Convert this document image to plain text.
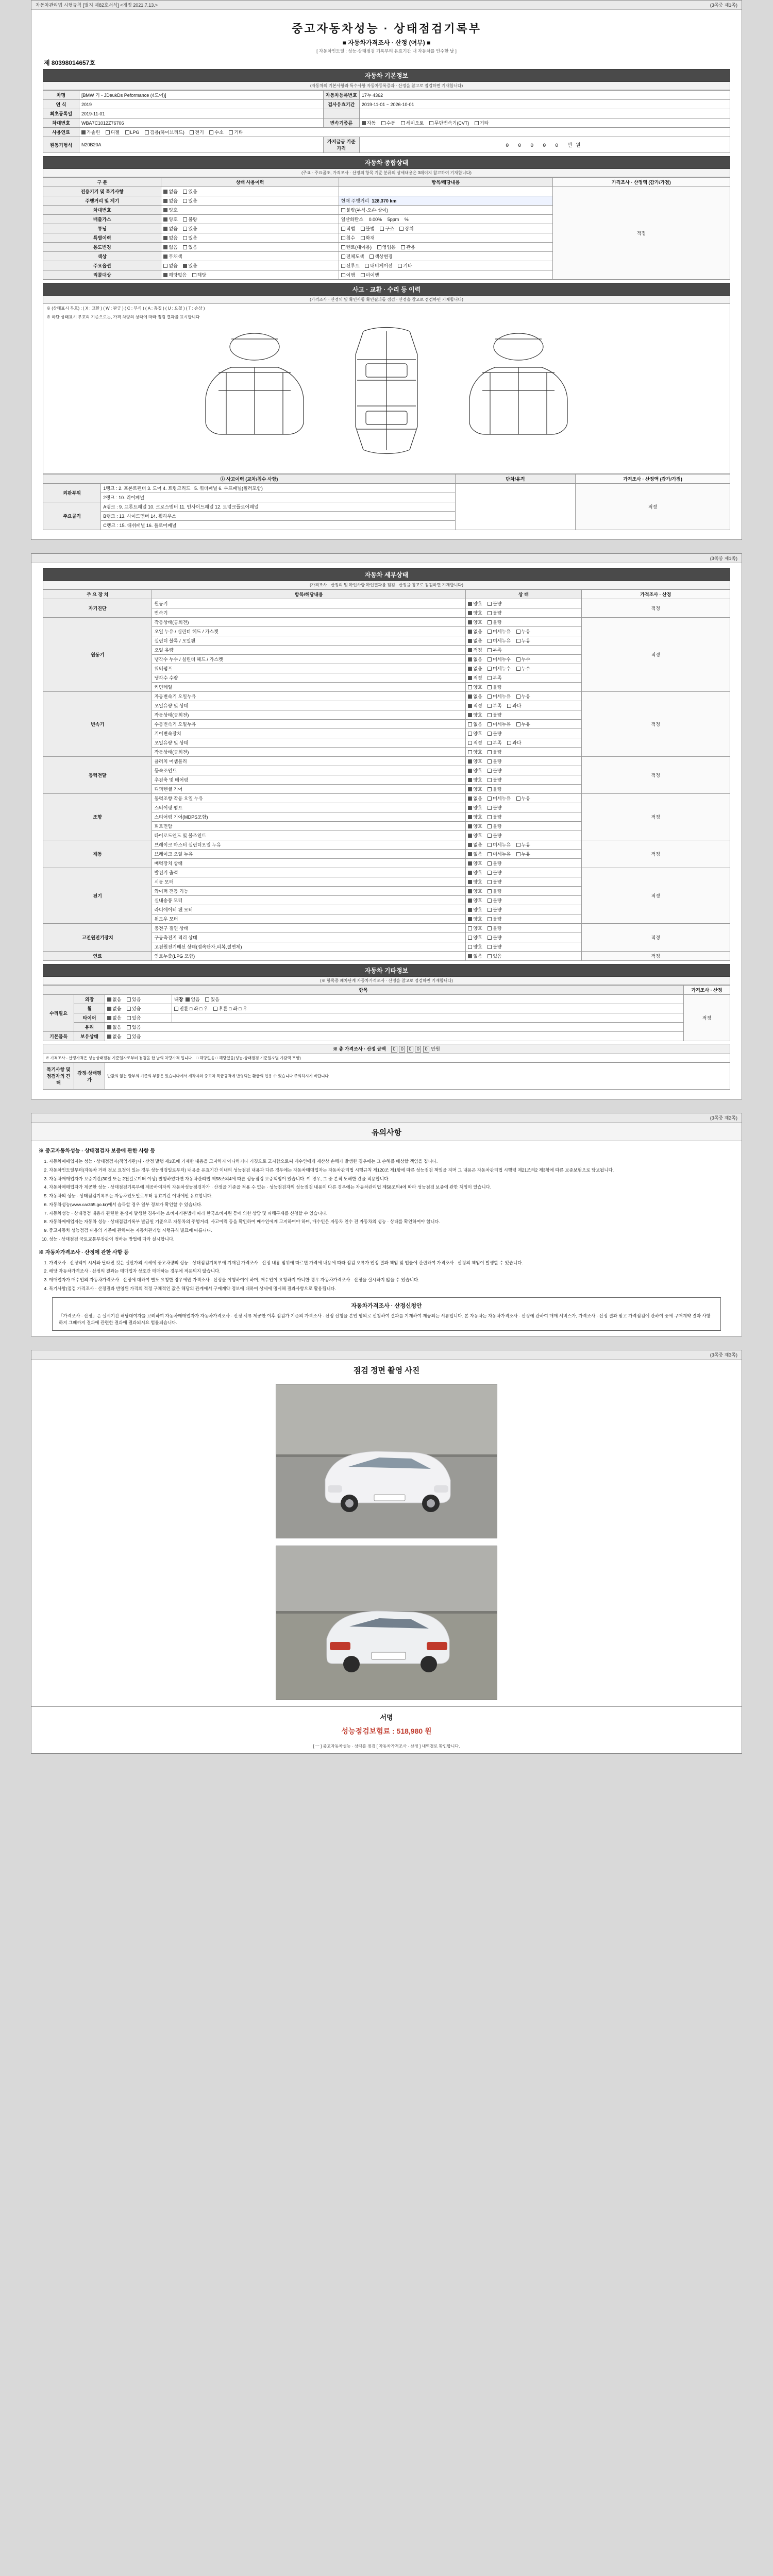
자동차관리법 시행규칙 [별지 제82호서식] <개정 2021.7.13.>	(3쪽중 제1쪽)
중고자동차성능 · 상태점검기록부
■ 자동차가격조사 · 산정 (여부) ■
[ 자동차인도일 : 성능·상태점검 기록부의 유효기간 내 자동차를 인수한 날 ]
제 80398014657호
자동차 기본정보
(자동차의 기본사항과 특수사항 자동차등록증과 · 산정을 참고로 점검하면 기재합니다)
차명	[BMW 기 - JDeukDs Peformance (4도어)]	자동차등록번호	17누 4362
연 식	2019	검사유효기간	2019-11-01 ~ 2026-10-01
최초등록일	2019-11-01		
차대번호	WBA7C1012Z76706	변속기종류	자동 수동 세미오토 무단변속기(CVT) 기타
사용연료	가솔린 디젤 LPG 겸용(하이브리드) 전기 수소 기타		
원동기형식	N20B20A	가지급금 기준가격	0 0 0 0 0 만원
자동차 종합상태
(주요 · 주요골조, 가격조사 · 산정의 항목 기준 분류의 상세내용은 3페이지 참고하여 기재합니다)
구 분	상태 사용이력	항목/해당내용	가격조사 · 산정액 (감가/가점)
전용기기 및 특기사항	없음 있음		적정
주행거리 및 계기	없음 있음	현재 주행거리 128,370 km	
차대번호	양호	불량(부식·오손·상이)	
배출가스	양호 불량	일산화탄소 0.00% 5ppm %	
튜닝	없음 있음	적법 불법 구조 장치	
특별이력	없음 있음	침수 화재	
용도변경	없음 있음	렌트(대여용) 영업용 관용	
색상	무채색	전체도색 색상변경	
주요옵션	없음 있음	선루프 내비게이션 기타	
리콜대상	해당없음 해당	이행 미이행	
사고 · 교환 · 수리 등 이력
(가격조사 · 산정의 및 확인사항 확인결과를 점검 · 산정을 참고로 점검하면 기재합니다)
※ (상태표시 부호) : ( X : 교환 ) ( W : 판금 ) ( C : 부식 ) ( A : 흠집 ) ( U : 요철 ) ( T : 손상 )
※ 하단 상태표시 부호의 기준으로는, 가격 차량의 상태에 따라 점검 결과를 표시합니다
① 사고이력 (교차/침수 사항)		단차/유격	가격조사 · 산정액 (감가/가점)
외판부위	1랭크 : 2. 프론트펜더 3. 도어 4. 트렁크리드 5. 쿼더패널 6. 루프패널(필러포함)		적정
	2랭크 : 10. 리어패널		
주요골격	A랭크 : 9. 프론트패널 10. 크로스멤버 11. 인사이드패널 12. 트렁크플로어패널		
	B랭크 : 13. 사이드멤버 14. 휠하우스		
	C랭크 : 15. 대쉬패널 16. 플로어패널		
(3쪽중 제1쪽)
자동차 세부상태
(가격조사 · 산정의 및 확인사항 확인결과를 점검 · 산정을 참고로 점검하면 기재합니다)
주 요 장 치	항목/해당내용	상 태	가격조사 · 산정
자기진단	원동기	양호 불량	적정
	변속기	양호 불량	
원동기	작동상태(공회전)	양호 불량	적정
	오일 누유 / 실린더 헤드 / 가스켓	없음 미세누유 누유	
	실린더 블록 / 오일팬	없음 미세누유 누유	
	오일 유량	적정 부족	
	냉각수 누수 / 실린더 헤드 / 가스켓	없음 미세누수 누수	
	워터펌프	없음 미세누수 누수	
	냉각수 수량	적정 부족	
	커먼레일	양호 불량	
변속기	자동변속기 오일누유	없음 미세누유 누유	적정
	오일유량 및 상태	적정 부족 과다	
	작동상태(공회전)	양호 불량	
	수동변속기 오일누유	없음 미세누유 누유	
	기어변속장치	양호 불량	
	오일유량 및 상태	적정 부족 과다	
	작동상태(공회전)	양호 불량	
동력전달	클러치 어셈블리	양호 불량	적정
	등속조인트	양호 불량	
	추진축 및 베어링	양호 불량	
	디퍼렌셜 기어	양호 불량	
조향	동력조향 작동 오일 누유	없음 미세누유 누유	적정
	스티어링 펌프	양호 불량	
	스티어링 기어(MDPS포함)	양호 불량	
	피트먼암	양호 불량	
	타이로드엔드 및 볼조인트	양호 불량	
제동	브레이크 마스터 실린더오일 누유	없음 미세누유 누유	적정
	브레이크 오일 누유	없음 미세누유 누유	
	배력장치 상태	양호 불량	
전기	발전기 출력	양호 불량	적정
	시동 모터	양호 불량	
	와이퍼 전동 기능	양호 불량	
	실내송풍 모터	양호 불량	
	라디에이터 팬 모터	양호 불량	
	윈도우 모터	양호 불량	
고전원전기장치	충전구 절연 상태	양호 불량	적정
	구동축전지 격리 상태	양호 불량	
	고전원전기배선 상태(접속단자,피복,절연체)	양호 불량	
연료	연료누출(LPG 포함)	없음 있음	적정
자동차 기타정보
(※ 항목중 폐차단계 자동차가격조사 · 산정을 참고로 점검하면 기재합니다)
항목				가격조사 · 산정
수리필요	외장	없음 있음	내장 없음 있음	적정
	휠	없음 있음	전륜 □ 좌 □ 우 후륜 □ 좌 □ 우	
	타이어	없음 있음		
	유리	없음 있음		
기본품목	보유상태	없음 있음		
※ 총 가격조사 · 산정 금액 0 0 0 0 0 만원
※ 가격조사 · 산정가격은 성능상태점검 기준일자로부터 점검을 한 날의 차량가격 입니다. □ 해당없음 □ 해당있음(성능·상태점검 기준일자별 가감액 포함)
특기사항 및 점검자의 견해	감정·상태평가	반값의 없는 할부의 기준의 부품은 있습니다에서 제작자와 중고차 특급규격에 반영되는 환급의 인용 수 있습니다 주의하시기 바랍니다.
(3쪽중 제2쪽)
유의사항
※ 중고자동차성능 · 상태점검자 보증에 관한 사항 등
1. 자동차매매업자는 성능 · 상태점검자(책임기관)나 · 산정 발행 제3조에 기재한 내용을 고지하지 아니하거나 거짓으로 고지함으로써 매수인에게 재산상 손해가 발생한 경우에는 그 손해를 배상할 책임을 집니다.
2. 자동차인도일부터(자동차 거래 정보 요청이 있는 경우 성능점검일로부터) 내용을 유효기간 이내의 성능점검 내용과 다른 경우에는 자동차매매업자는 자동차관리법 시행규칙 제120조 제1항에 따른 성능점검 책임을 지며 그 내용은 자동차관리법 시행령 제21조의2 제3항에 따른 보증보험으로 담보됩니다.
3. 자동차매매업자가 보증기간(30일 또는 2천킬로미터 이상) 발행하였다면 자동차관리법 제58조의4에 따른 성능점검 보증책임이 있습니다. 이 경우, 그 중 본적 도해한 간을 적용합니다.
4. 자동차매매업자가 제공한 성능 · 상태점검기록부에 제공하여자의 자동차성능점검자가 · 산정을 기준을 적용 수 없는 · 성능점검자의 성능점검 내용이 다른 경우에는 자동차관리법 제58조의4에 따라 성능점검 보증에 관한 책임이 있습니다.
5. 자동차의 성능 · 상태점검기록부는 자동차인도일로부터 유효기간 이내에만 유효합니다.
6. 자동차성능(www.car365.go.kr)에서 습득할 경우 일부 정보가 확인할 수 있습니다.
7. 자동차성능 · 상태점검 내용과 관련한 분쟁이 발생한 경우에는 소비자기본법에 따라 한국소비자원 등에 의한 상담 및 피해구제를 신청할 수 있습니다.
8. 자동차매매업자는 자동차 성능 · 상태점검기록부 발급일 기준으로 자동차의 주행거리, 사고이력 등을 확인하여 매수인에게 고지하여야 하며, 매수인은 자동차 인수 전 자동차의 성능 · 상태를 확인하여야 합니다.
9. 중고자동차 성능점검 내용의 기준에 관하여는 자동차관리법 시행규칙 별표에 따릅니다.
10. 성능 · 상태점검 국토교통부장관이 정하는 방법에 따라 실시합니다.
※ 자동차가격조사 · 산정에 관한 사항 등
1. 가격조사 · 산정액이 시세와 달라진 것은 실판가의 시세에 중고차량의 성능 · 상태점검기록부에 기재된 가격조사 · 산정 내용 범위에 따르면 가격에 내용에 따라 점검 오류가 인정 결과 책임 및 법률에 관련하여 가격조사 · 산정의 책임이 발생할 수 있습니다.
2. 해당 자동차가격조사 · 산정의 결과는 매매업자 상호간 매매하는 경우에 적용되지 않습니다.
3. 매매업자가 매수인의 자동차가격조사 · 산정에 대하여 별도 요청한 경우에만 가격조사 · 산정을 이행하여야 하며, 매수인이 요청하지 아니한 경우 자동차가격조사 · 산정을 실시하지 않을 수 있습니다.
4. 특기사항(점검 가격조사 · 산정결과 반영된 가격의 적정 구체적인 값은 해당의 관계에서 구매계약 정보에 대하여 상세에 명시해 결과사항으로 활용됩니다.
자동차가격조사 · 산정신청안
「가격조사 · 산정」은 실시기간 해당대여자를 고려하여 자동차매매업자가 자동차가격조사 · 산정 서류 제공한 이후 점검가 기준의 가격조사 · 산정 신청을 본인 명의로 신청하여 결과를 기재하여 제공되는 서류입니다. 본 자동차는 자동차가격조사 · 산정에 관하여 매매 서비스가, 가격조사 · 산정 결과 받고 가격점검에 관하여 중에 구매계약 결과 사항하지 그때까지 결과에 관련한 결과에 결과되시요 법률되습니다.
(3쪽중 제3쪽)
점검 정면 촬영 사진
서명
성능점검보험료 : 518,980 원
[ ㅡ ] 중고자동차성능 · 상태를 점검 [ 자동차가격조사 · 산정 ] 내역경로 확인합니다.
